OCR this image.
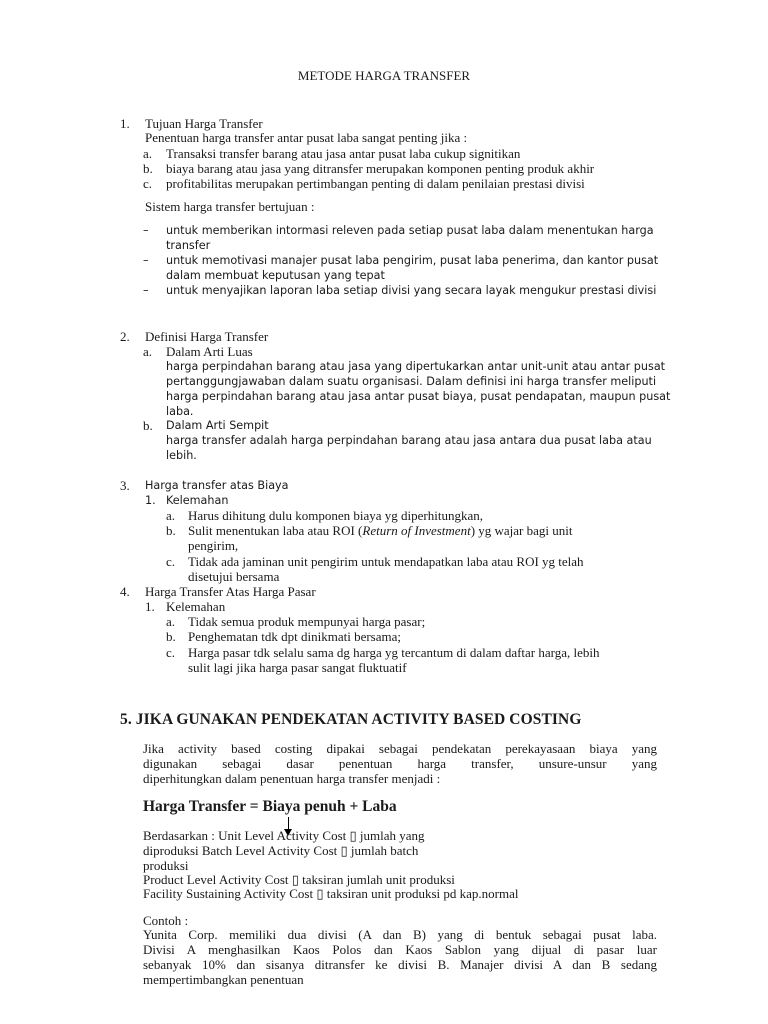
METODE HARGA TRANSFER
1. Tujuan Harga Transfer
Penentuan harga transfer antar pusat laba sangat penting jika :
a. Transaksi transfer barang atau jasa antar pusat laba cukup signitikan
b. biaya barang atau jasa yang ditransfer merupakan komponen penting produk akhir
c. profitabilitas merupakan pertimbangan penting di dalam penilaian prestasi divisi
Sistem harga transfer bertujuan :
– untuk memberikan intormasi releven pada setiap pusat laba dalam menentukan harga
transfer
– untuk memotivasi manajer pusat laba pengirim, pusat laba penerima, dan kantor pusat
dalam membuat keputusan yang tepat
– untuk menyajikan laporan laba setiap divisi yang secara layak mengukur prestasi divisi
2. Definisi Harga Transfer
a. Dalam Arti Luas
harga perpindahan barang atau jasa yang dipertukarkan antar unit-unit atau antar pusat
pertanggungjawaban dalam suatu organisasi. Dalam definisi ini harga transfer meliputi
harga perpindahan barang atau jasa antar pusat biaya, pusat pendapatan, maupun pusat
laba.
b. Dalam Arti Sempit
harga transfer adalah harga perpindahan barang atau jasa antara dua pusat laba atau
lebih.
3. Harga transfer atas Biaya
1. Kelemahan
a. Harus dihitung dulu komponen biaya yg diperhitungkan,
b. Sulit menentukan laba atau ROI (Return of Investment) yg wajar bagi unit
pengirim,
c. Tidak ada jaminan unit pengirim untuk mendapatkan laba atau ROI yg telah
disetujui bersama
4. Harga Transfer Atas Harga Pasar
1. Kelemahan
a. Tidak semua produk mempunyai harga pasar;
b. Penghematan tdk dpt dinikmati bersama;
c. Harga pasar tdk selalu sama dg harga yg tercantum di dalam daftar harga, lebih
sulit lagi jika harga pasar sangat fluktuatif
5. JIKA GUNAKAN PENDEKATAN ACTIVITY BASED COSTING
Jika activity based costing dipakai sebagai pendekatan perekayasaan biaya yang
digunakan sebagai dasar penentuan harga transfer, unsure-unsur yang
diperhitungkan dalam penentuan harga transfer menjadi :
Harga Transfer = Biaya penuh + Laba
Berdasarkan : Unit Level Activity Cost ▯ jumlah yang
diproduksi Batch Level Activity Cost ▯ jumlah batch
produksi
Product Level Activity Cost ▯ taksiran jumlah unit produksi
Facility Sustaining Activity Cost ▯ taksiran unit produksi pd kap.normal
Contoh :
Yunita Corp. memiliki dua divisi (A dan B) yang di bentuk sebagai pusat laba.
Divisi A menghasilkan Kaos Polos dan Kaos Sablon yang dijual di pasar luar
sebanyak 10% dan sisanya ditransfer ke divisi B. Manajer divisi A dan B sedang
mempertimbangkan penentuan
